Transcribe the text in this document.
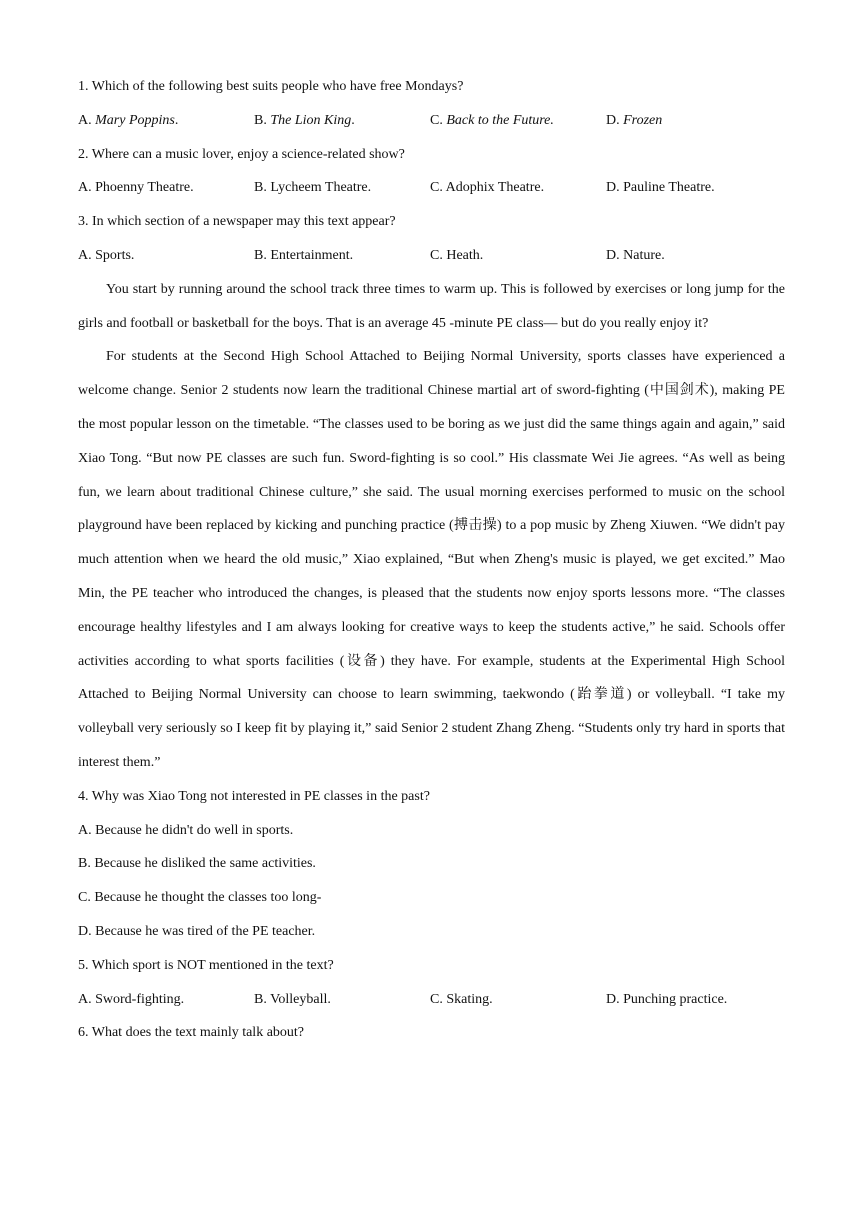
1. Which of the following best suits people who have free Mondays?

A. Mary Poppins.	B. The Lion King.	C. Back to the Future.	D. Frozen

2. Where can a music lover, enjoy a science-related show?

A. Phoenny Theatre.	B. Lycheem Theatre.	C. Adophix Theatre.	D. Pauline Theatre.

3. In which section of a newspaper may this text appear?

A. Sports.	B. Entertainment.	C. Heath.	D. Nature.

You start by running around the school track three times to warm up. This is followed by exercises or long jump for the girls and football or basketball for the boys. That is an average 45 -minute PE class— but do you really enjoy it?

For students at the Second High School Attached to Beijing Normal University, sports classes have experienced a welcome change. Senior 2 students now learn the traditional Chinese martial art of sword-fighting (中国剑术), making PE the most popular lesson on the timetable. “The classes used to be boring as we just did the same things again and again,” said Xiao Tong. “But now PE classes are such fun. Sword-fighting is so cool.” His classmate Wei Jie agrees. “As well as being fun, we learn about traditional Chinese culture,” she said. The usual morning exercises performed to music on the school playground have been replaced by kicking and punching practice (搏击操) to a pop music by Zheng Xiuwen. “We didn't pay much attention when we heard the old music,” Xiao explained, “But when Zheng's music is played, we get excited.” Mao Min, the PE teacher who introduced the changes, is pleased that the students now enjoy sports lessons more. “The classes encourage healthy lifestyles and I am always looking for creative ways to keep the students active,” he said. Schools offer activities according to what sports facilities (设备) they have. For example, students at the Experimental High School Attached to Beijing Normal University can choose to learn swimming, taekwondo (跆拳道) or volleyball. “I take my volleyball very seriously so I keep fit by playing it,” said Senior 2 student Zhang Zheng. “Students only try hard in sports that interest them.”

4. Why was Xiao Tong not interested in PE classes in the past?

A. Because he didn't do well in sports.

B. Because he disliked the same activities.

C. Because he thought the classes too long-

D. Because he was tired of the PE teacher.

5. Which sport is NOT mentioned in the text?

A. Sword-fighting.	B. Volleyball.	C. Skating.	D. Punching practice.

6. What does the text mainly talk about?
